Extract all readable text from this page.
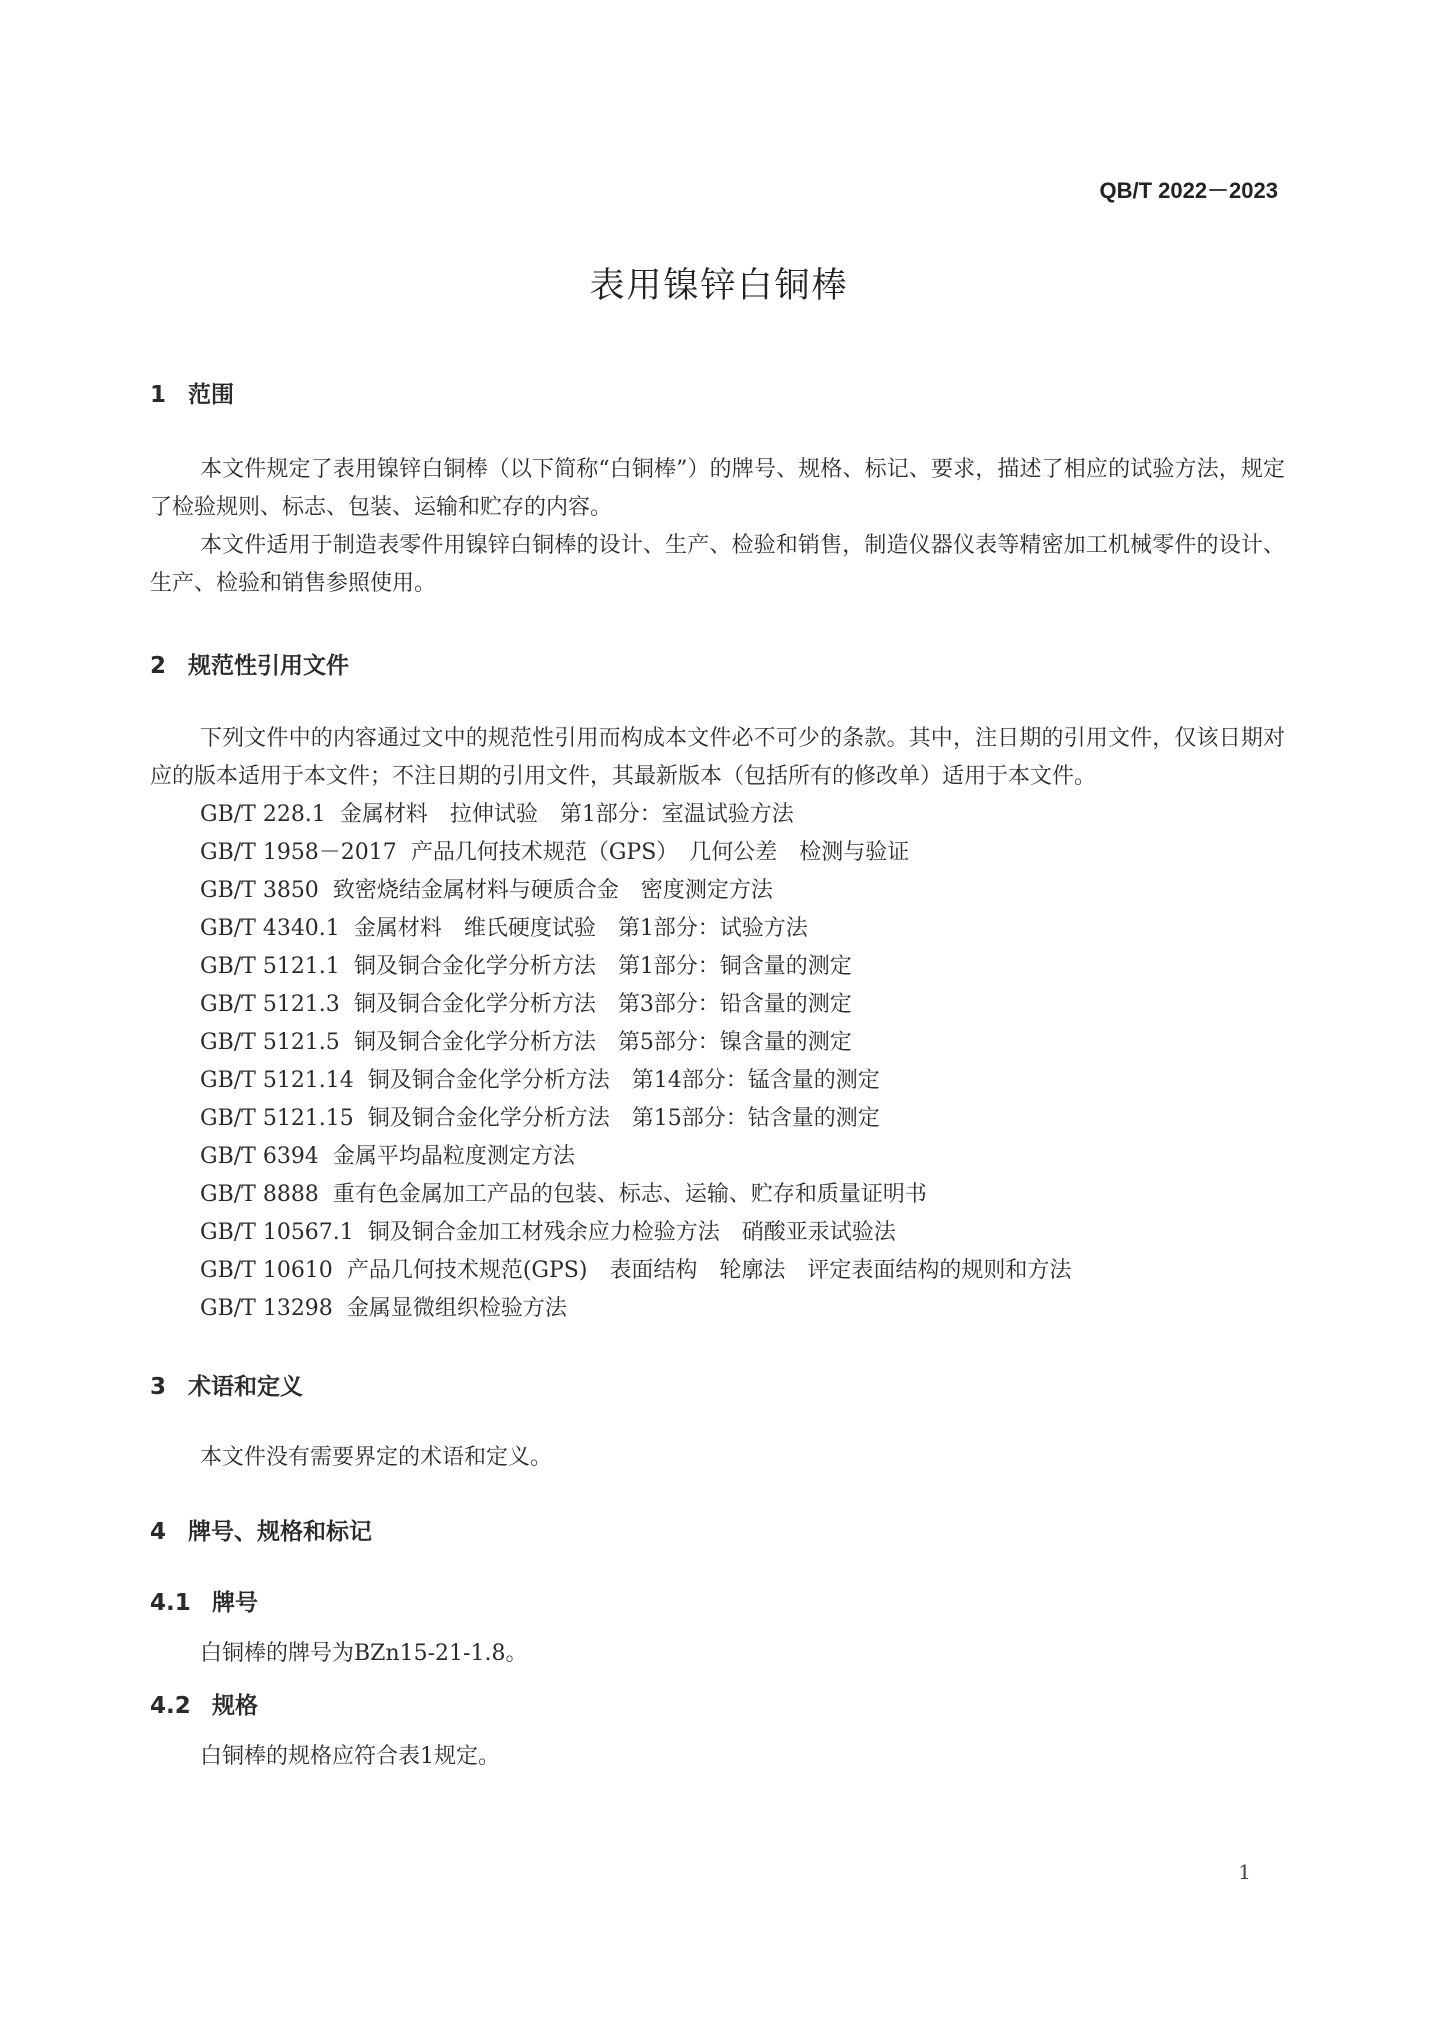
QB/T 2022－2023
表用镍锌白铜棒
1 范围

本文件规定了表用镍锌白铜棒（以下简称“白铜棒”）的牌号、规格、标记、要求，描述了相应的试验方法，规定了检验规则、标志、包装、运输和贮存的内容。

本文件适用于制造表零件用镍锌白铜棒的设计、生产、检验和销售，制造仪器仪表等精密加工机械零件的设计、生产、检验和销售参照使用。

2 规范性引用文件

下列文件中的内容通过文中的规范性引用而构成本文件必不可少的条款。其中，注日期的引用文件，仅该日期对应的版本适用于本文件；不注日期的引用文件，其最新版本（包括所有的修改单）适用于本文件。

GB/T 228.1 金属材料　拉伸试验　第1部分：室温试验方法
GB/T 1958－2017 产品几何技术规范（GPS）　几何公差　检测与验证
GB/T 3850 致密烧结金属材料与硬质合金　密度测定方法
GB/T 4340.1 金属材料　维氏硬度试验　第1部分：试验方法
GB/T 5121.1 铜及铜合金化学分析方法　第1部分：铜含量的测定
GB/T 5121.3 铜及铜合金化学分析方法　第3部分：铅含量的测定
GB/T 5121.5 铜及铜合金化学分析方法　第5部分：镍含量的测定
GB/T 5121.14 铜及铜合金化学分析方法　第14部分：锰含量的测定
GB/T 5121.15 铜及铜合金化学分析方法　第15部分：钴含量的测定
GB/T 6394 金属平均晶粒度测定方法
GB/T 8888 重有色金属加工产品的包装、标志、运输、贮存和质量证明书
GB/T 10567.1 铜及铜合金加工材残余应力检验方法　硝酸亚汞试验法
GB/T 10610 产品几何技术规范(GPS)　表面结构　轮廓法　评定表面结构的规则和方法
GB/T 13298 金属显微组织检验方法
3 术语和定义

本文件没有需要界定的术语和定义。

4 牌号、规格和标记
4.1 牌号

白铜棒的牌号为BZn15-21-1.8。

4.2 规格

白铜棒的规格应符合表1规定。

1
